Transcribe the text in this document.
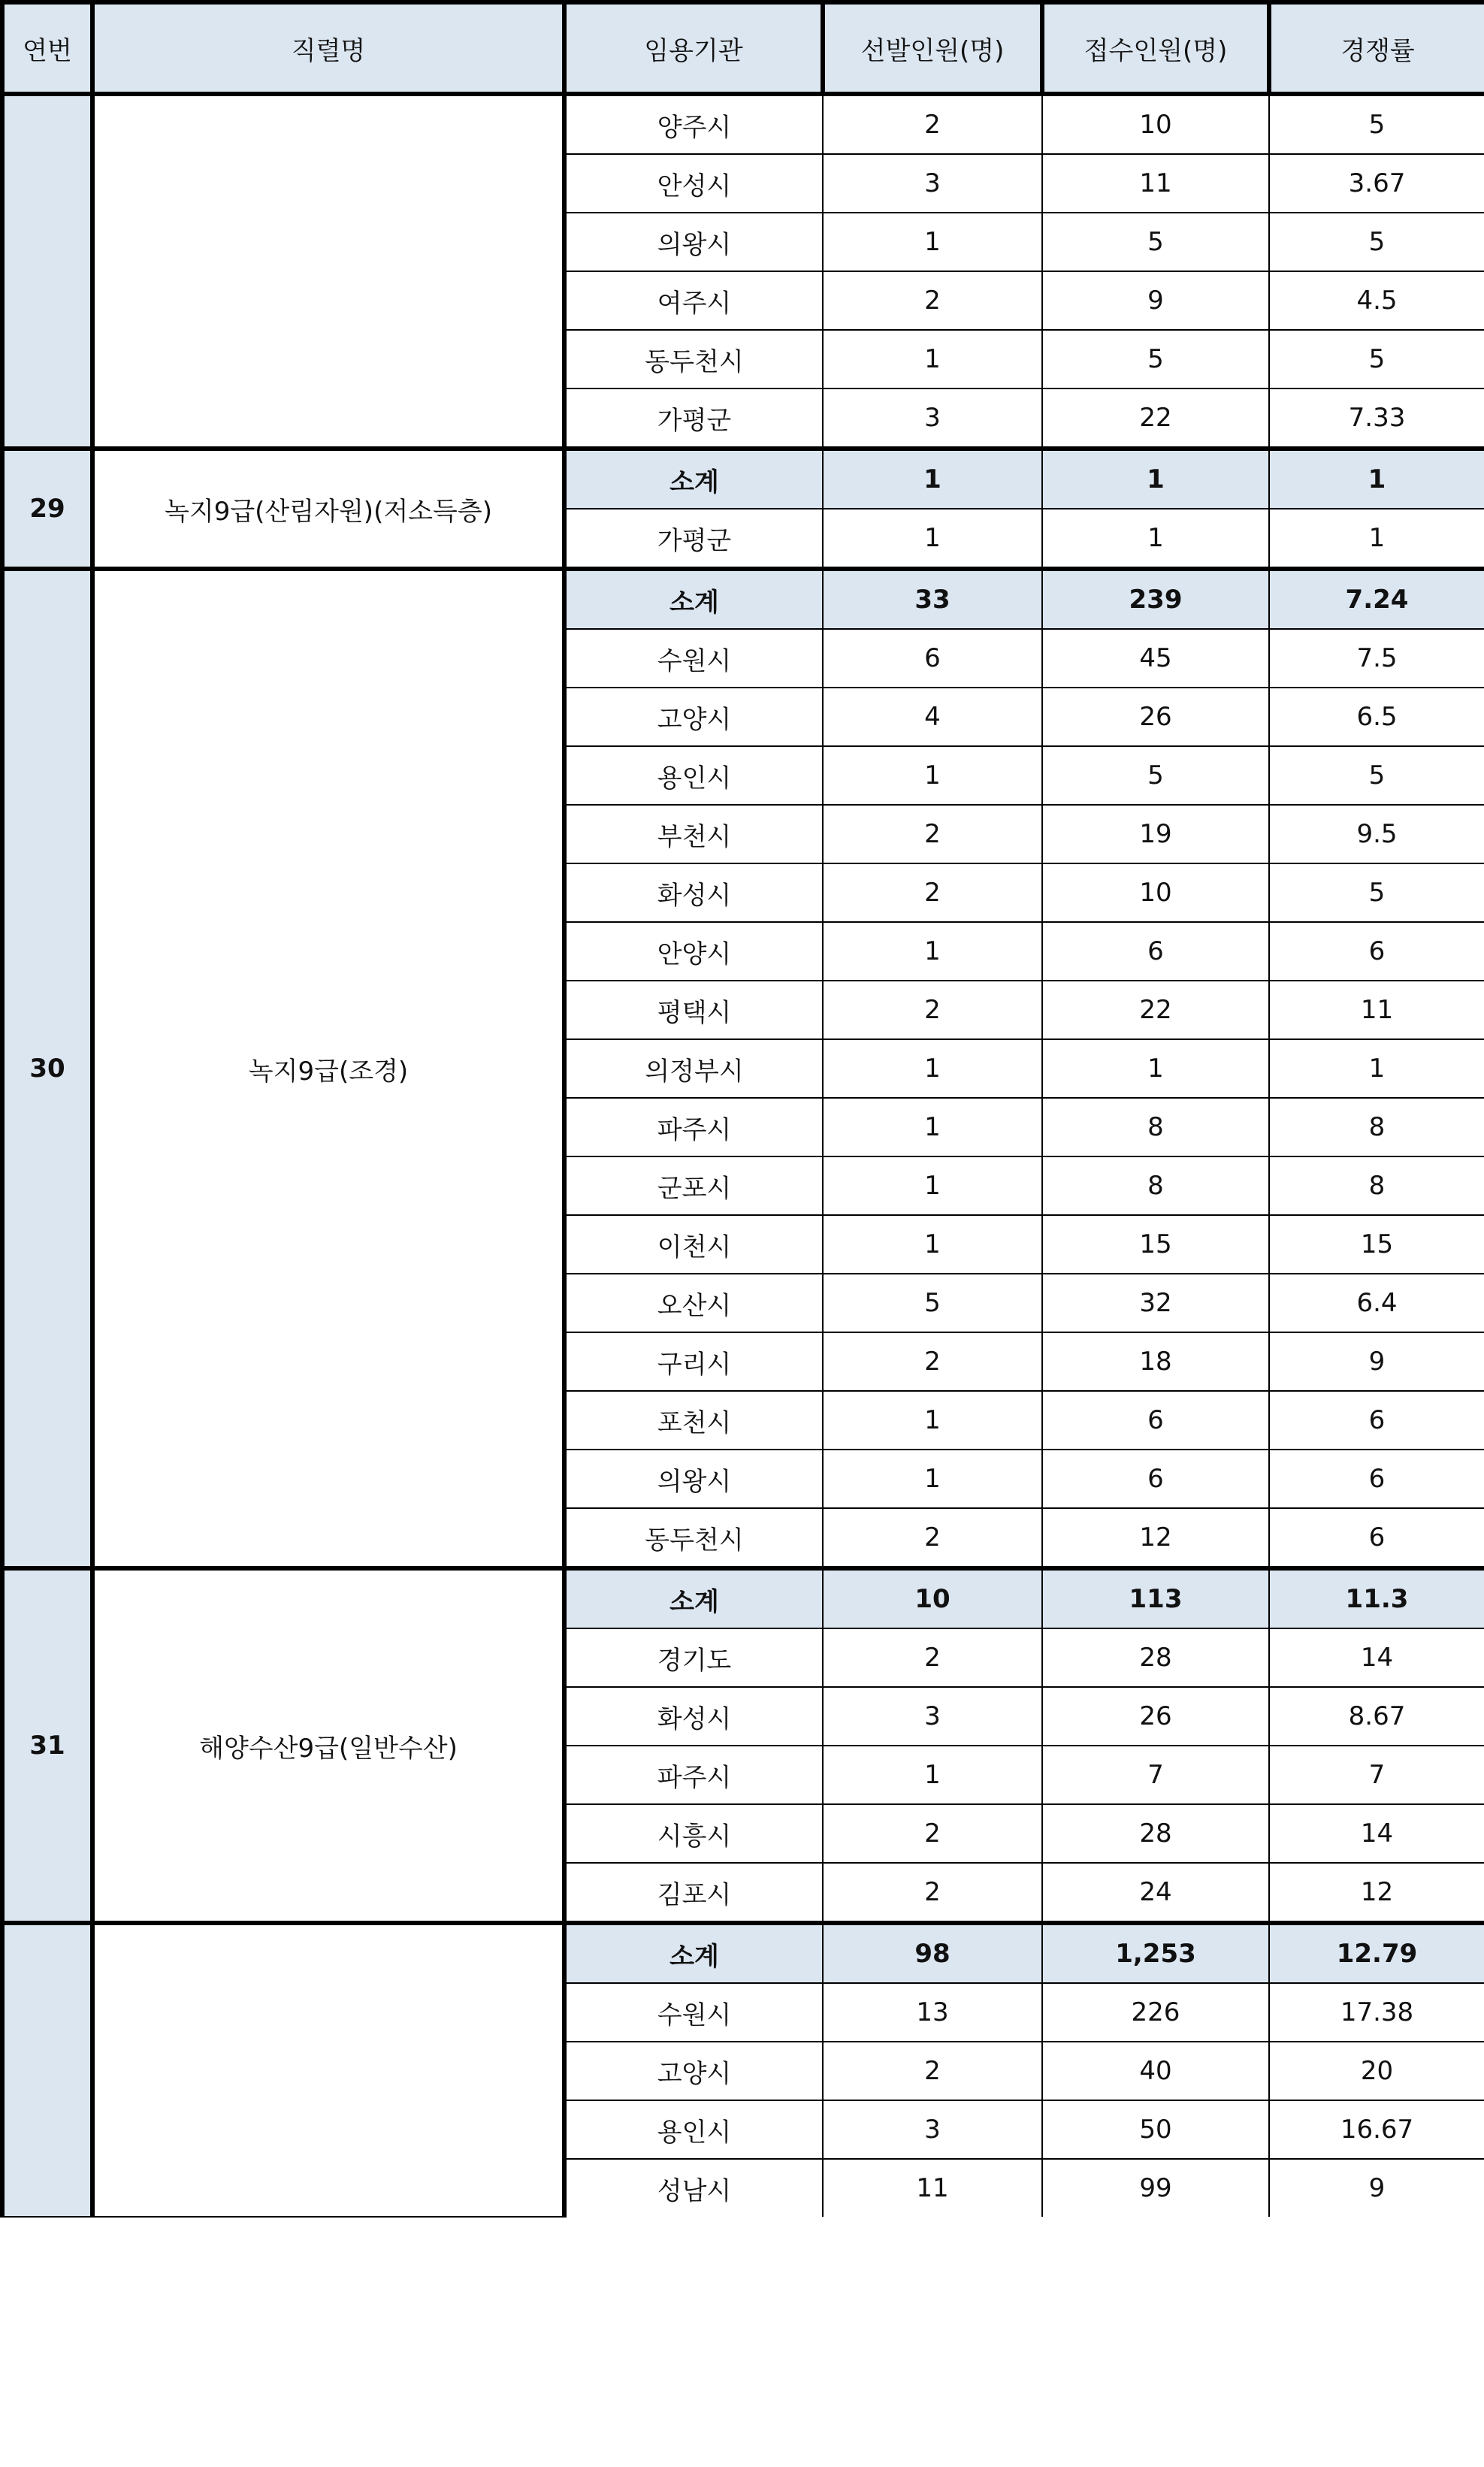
연번	직렬명	임용기관	선발인원(명)	접수인원(명)	경쟁률
		양주시	2	10	5
		안성시	3	11	3.67
		의왕시	1	5	5
		여주시	2	9	4.5
		동두천시	1	5	5
		가평군	3	22	7.33
29	녹지9급(산림자원)(저소득층)	소계	1	1	1
		가평군	1	1	1
30	녹지9급(조경)	소계	33	239	7.24
		수원시	6	45	7.5
		고양시	4	26	6.5
		용인시	1	5	5
		부천시	2	19	9.5
		화성시	2	10	5
		안양시	1	6	6
		평택시	2	22	11
		의정부시	1	1	1
		파주시	1	8	8
		군포시	1	8	8
		이천시	1	15	15
		오산시	5	32	6.4
		구리시	2	18	9
		포천시	1	6	6
		의왕시	1	6	6
		동두천시	2	12	6
31	해양수산9급(일반수산)	소계	10	113	11.3
		경기도	2	28	14
		화성시	3	26	8.67
		파주시	1	7	7
		시흥시	2	28	14
		김포시	2	24	12
		소계	98	1,253	12.79
		수원시	13	226	17.38
		고양시	2	40	20
		용인시	3	50	16.67
		성남시	11	99	9
